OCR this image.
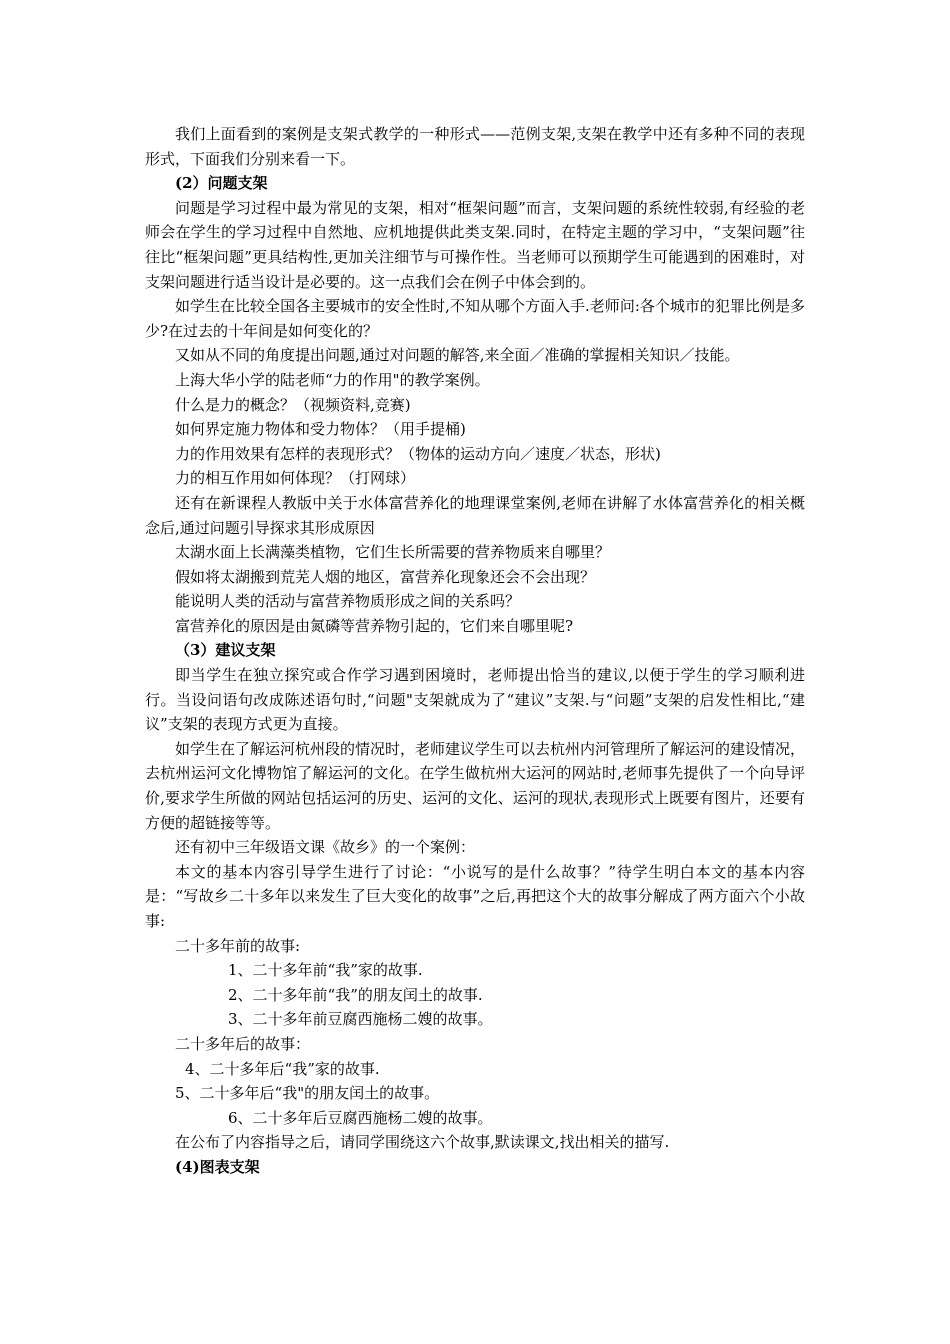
我们上面看到的案例是支架式教学的一种形式——范例支架,支架在教学中还有多种不同的表现形式，下面我们分别来看一下。

(2）问题支架

问题是学习过程中最为常见的支架，相对“框架问题”而言，支架问题的系统性较弱,有经验的老师会在学生的学习过程中自然地、应机地提供此类支架.同时，在特定主题的学习中，“支架问题”往往比“框架问题”更具结构性,更加关注细节与可操作性。当老师可以预期学生可能遇到的困难时，对支架问题进行适当设计是必要的。这一点我们会在例子中体会到的。

如学生在比较全国各主要城市的安全性时,不知从哪个方面入手.老师问:各个城市的犯罪比例是多少?在过去的十年间是如何变化的？

又如从不同的角度提出问题,通过对问题的解答,来全面／准确的掌握相关知识／技能。

上海大华小学的陆老师“力的作用"的教学案例。

什么是力的概念？（视频资料,竞赛)

如何界定施力物体和受力物体？（用手提桶)

力的作用效果有怎样的表现形式？（物体的运动方向／速度／状态，形状)

力的相互作用如何体现？（打网球）

还有在新课程人教版中关于水体富营养化的地理课堂案例,老师在讲解了水体富营养化的相关概念后,通过问题引导探求其形成原因

太湖水面上长满藻类植物，它们生长所需要的营养物质来自哪里？

假如将太湖搬到荒芜人烟的地区，富营养化现象还会不会出现？

能说明人类的活动与富营养物质形成之间的关系吗？

富营养化的原因是由氮磷等营养物引起的，它们来自哪里呢?

（3）建议支架

即当学生在独立探究或合作学习遇到困境时，老师提出恰当的建议,以便于学生的学习顺利进行。当设问语句改成陈述语句时,“问题"支架就成为了“建议”支架.与“问题”支架的启发性相比,“建议”支架的表现方式更为直接。

如学生在了解运河杭州段的情况时，老师建议学生可以去杭州内河管理所了解运河的建设情况，去杭州运河文化博物馆了解运河的文化。在学生做杭州大运河的网站时,老师事先提供了一个向导评价,要求学生所做的网站包括运河的历史、运河的文化、运河的现状,表现形式上既要有图片，还要有方便的超链接等等。

还有初中三年级语文课《故乡》的一个案例：

本文的基本内容引导学生进行了讨论：“小说写的是什么故事？”待学生明白本文的基本内容是：“写故乡二十多年以来发生了巨大变化的故事”之后,再把这个大的故事分解成了两方面六个小故事:

二十多年前的故事:

1、二十多年前“我”家的故事.

2、二十多年前“我”的朋友闰土的故事.

3、二十多年前豆腐西施杨二嫂的故事。

二十多年后的故事：

4、二十多年后“我”家的故事.

5、二十多年后“我"的朋友闰土的故事。

6、二十多年后豆腐西施杨二嫂的故事。

在公布了内容指导之后，请同学围绕这六个故事,默读课文,找出相关的描写.

(4)图表支架
